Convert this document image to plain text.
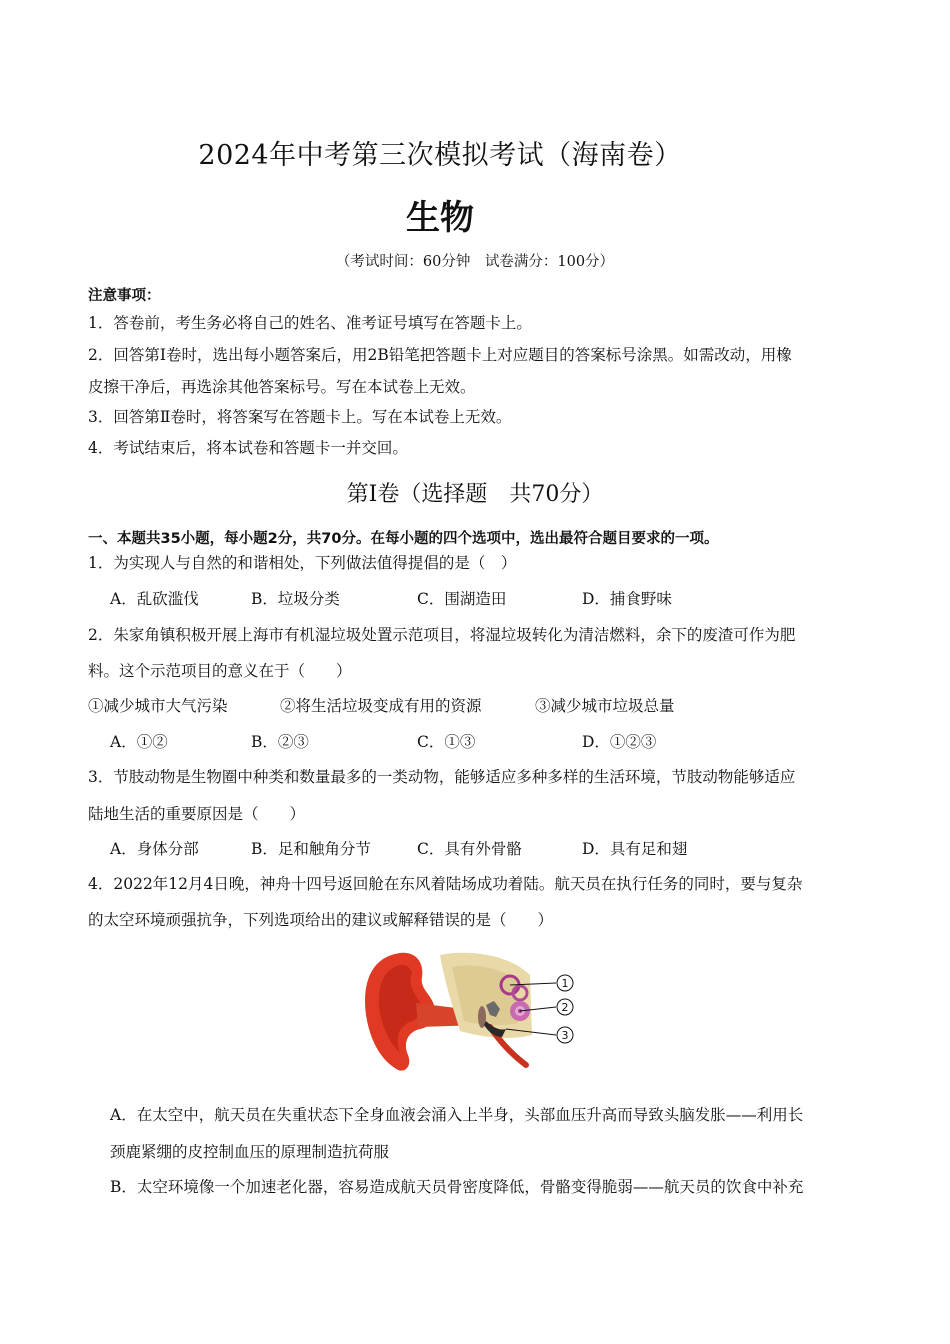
2024年中考第三次模拟考试（海南卷）
生物
（考试时间：60分钟　试卷满分：100分）
注意事项：
1．答卷前，考生务必将自己的姓名、准考证号填写在答题卡上。
2．回答第Ⅰ卷时，选出每小题答案后，用2B铅笔把答题卡上对应题目的答案标号涂黑。如需改动，用橡
皮擦干净后，再选涂其他答案标号。写在本试卷上无效。
3．回答第Ⅱ卷时，将答案写在答题卡上。写在本试卷上无效。
4．考试结束后，将本试卷和答题卡一并交回。
第Ⅰ卷（选择题　共70分）
一、本题共35小题，每小题2分，共70分。在每小题的四个选项中，选出最符合题目要求的一项。
1．为实现人与自然的和谐相处，下列做法值得提倡的是（　）
A．乱砍滥伐	B．垃圾分类	C．围湖造田	D．捕食野味
2．朱家角镇积极开展上海市有机湿垃圾处置示范项目，将湿垃圾转化为清洁燃料，余下的废渣可作为肥
料。这个示范项目的意义在于（　　）
①减少城市大气污染	②将生活垃圾变成有用的资源	③减少城市垃圾总量
A．①②	B．②③	C．①③	D．①②③
3．节肢动物是生物圈中种类和数量最多的一类动物，能够适应多种多样的生活环境，节肢动物能够适应
陆地生活的重要原因是（　　）
A．身体分部	B．足和触角分节	C．具有外骨骼	D．具有足和翅
4．2022年12月4日晚，神舟十四号返回舱在东风着陆场成功着陆。航天员在执行任务的同时，要与复杂
的太空环境顽强抗争，下列选项给出的建议或解释错误的是（　　）
1
2
3
A．在太空中，航天员在失重状态下全身血液会涌入上半身，头部血压升高而导致头脑发胀——利用长
颈鹿紧绷的皮控制血压的原理制造抗荷服
B．太空环境像一个加速老化器，容易造成航天员骨密度降低，骨骼变得脆弱——航天员的饮食中补充
